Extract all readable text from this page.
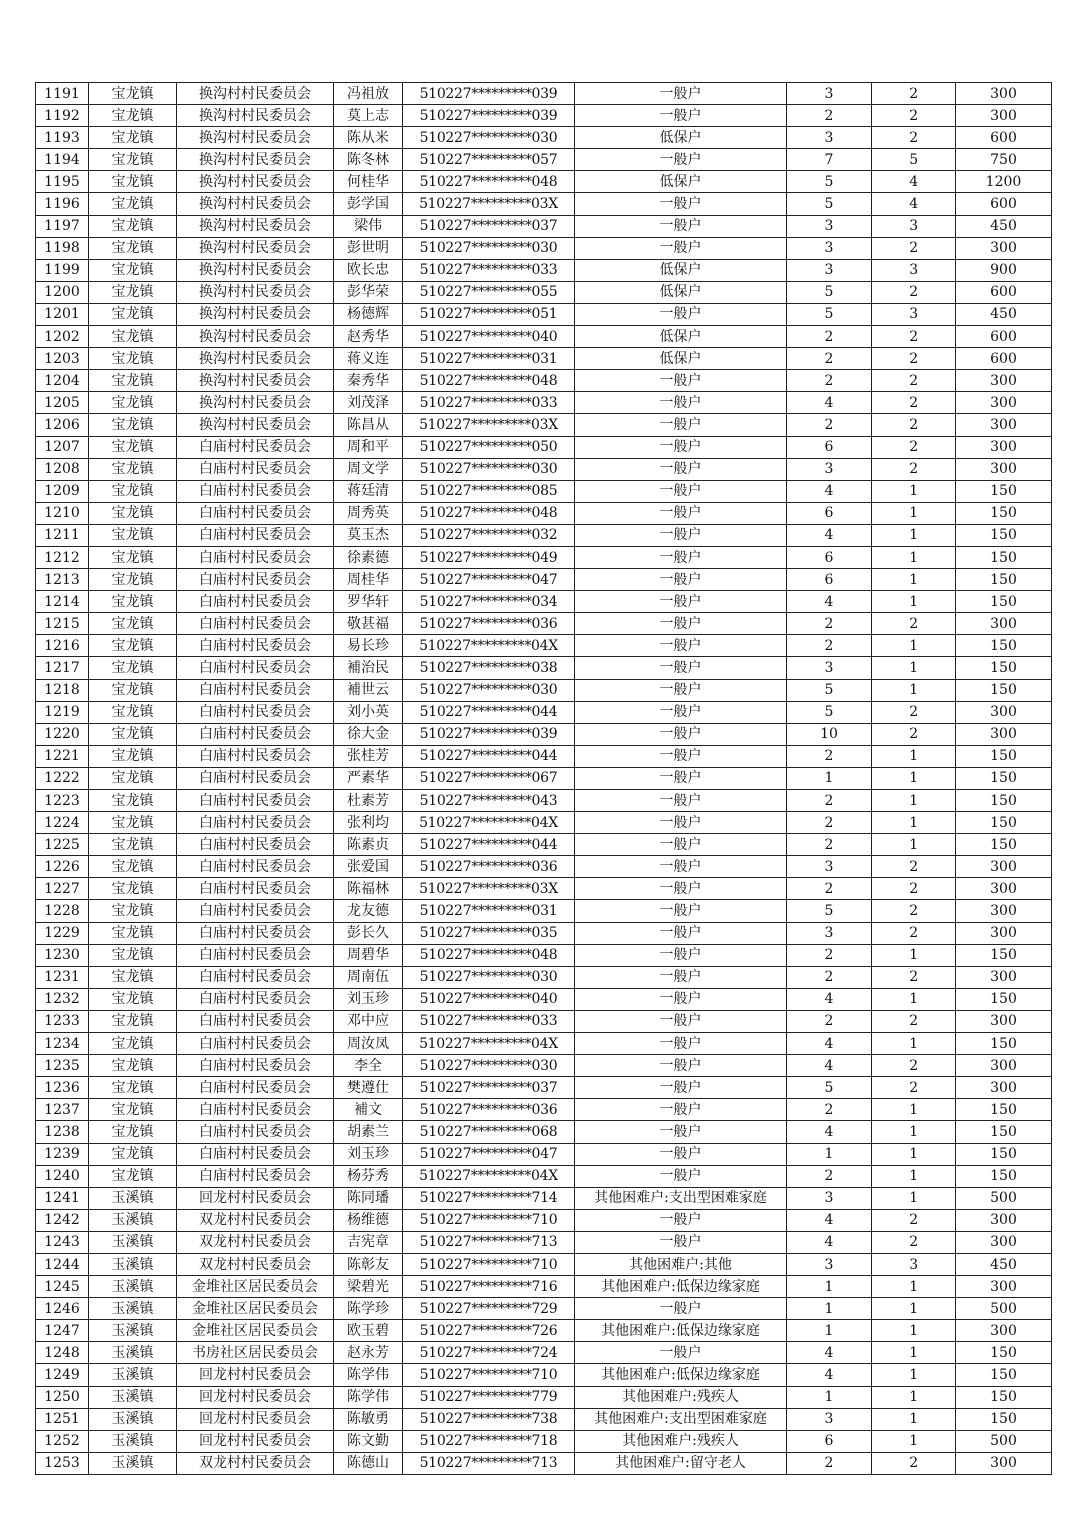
1191	宝龙镇	换沟村村民委员会	冯祖放	510227*********039	一般户	3	2	300
1192	宝龙镇	换沟村村民委员会	莫上志	510227*********039	一般户	2	2	300
1193	宝龙镇	换沟村村民委员会	陈从米	510227*********030	低保户	3	2	600
1194	宝龙镇	换沟村村民委员会	陈冬林	510227*********057	一般户	7	5	750
1195	宝龙镇	换沟村村民委员会	何桂华	510227*********048	低保户	5	4	1200
1196	宝龙镇	换沟村村民委员会	彭学国	510227*********03X	一般户	5	4	600
1197	宝龙镇	换沟村村民委员会	梁伟	510227*********037	一般户	3	3	450
1198	宝龙镇	换沟村村民委员会	彭世明	510227*********030	一般户	3	2	300
1199	宝龙镇	换沟村村民委员会	欧长忠	510227*********033	低保户	3	3	900
1200	宝龙镇	换沟村村民委员会	彭华荣	510227*********055	低保户	5	2	600
1201	宝龙镇	换沟村村民委员会	杨德辉	510227*********051	一般户	5	3	450
1202	宝龙镇	换沟村村民委员会	赵秀华	510227*********040	低保户	2	2	600
1203	宝龙镇	换沟村村民委员会	蒋义连	510227*********031	低保户	2	2	600
1204	宝龙镇	换沟村村民委员会	秦秀华	510227*********048	一般户	2	2	300
1205	宝龙镇	换沟村村民委员会	刘茂泽	510227*********033	一般户	4	2	300
1206	宝龙镇	换沟村村民委员会	陈昌从	510227*********03X	一般户	2	2	300
1207	宝龙镇	白庙村村民委员会	周和平	510227*********050	一般户	6	2	300
1208	宝龙镇	白庙村村民委员会	周文学	510227*********030	一般户	3	2	300
1209	宝龙镇	白庙村村民委员会	蒋廷清	510227*********085	一般户	4	1	150
1210	宝龙镇	白庙村村民委员会	周秀英	510227*********048	一般户	6	1	150
1211	宝龙镇	白庙村村民委员会	莫玉杰	510227*********032	一般户	4	1	150
1212	宝龙镇	白庙村村民委员会	徐素德	510227*********049	一般户	6	1	150
1213	宝龙镇	白庙村村民委员会	周桂华	510227*********047	一般户	6	1	150
1214	宝龙镇	白庙村村民委员会	罗华轩	510227*********034	一般户	4	1	150
1215	宝龙镇	白庙村村民委员会	敬甚福	510227*********036	一般户	2	2	300
1216	宝龙镇	白庙村村民委员会	易长珍	510227*********04X	一般户	2	1	150
1217	宝龙镇	白庙村村民委员会	補治民	510227*********038	一般户	3	1	150
1218	宝龙镇	白庙村村民委员会	補世云	510227*********030	一般户	5	1	150
1219	宝龙镇	白庙村村民委员会	刘小英	510227*********044	一般户	5	2	300
1220	宝龙镇	白庙村村民委员会	徐大金	510227*********039	一般户	10	2	300
1221	宝龙镇	白庙村村民委员会	张桂芳	510227*********044	一般户	2	1	150
1222	宝龙镇	白庙村村民委员会	严素华	510227*********067	一般户	1	1	150
1223	宝龙镇	白庙村村民委员会	杜素芳	510227*********043	一般户	2	1	150
1224	宝龙镇	白庙村村民委员会	张利均	510227*********04X	一般户	2	1	150
1225	宝龙镇	白庙村村民委员会	陈素贞	510227*********044	一般户	2	1	150
1226	宝龙镇	白庙村村民委员会	张爱国	510227*********036	一般户	3	2	300
1227	宝龙镇	白庙村村民委员会	陈福林	510227*********03X	一般户	2	2	300
1228	宝龙镇	白庙村村民委员会	龙友德	510227*********031	一般户	5	2	300
1229	宝龙镇	白庙村村民委员会	彭长久	510227*********035	一般户	3	2	300
1230	宝龙镇	白庙村村民委员会	周碧华	510227*********048	一般户	2	1	150
1231	宝龙镇	白庙村村民委员会	周南伍	510227*********030	一般户	2	2	300
1232	宝龙镇	白庙村村民委员会	刘玉珍	510227*********040	一般户	4	1	150
1233	宝龙镇	白庙村村民委员会	邓中应	510227*********033	一般户	2	2	300
1234	宝龙镇	白庙村村民委员会	周汝凤	510227*********04X	一般户	4	1	150
1235	宝龙镇	白庙村村民委员会	李全	510227*********030	一般户	4	2	300
1236	宝龙镇	白庙村村民委员会	樊遵仕	510227*********037	一般户	5	2	300
1237	宝龙镇	白庙村村民委员会	補文	510227*********036	一般户	2	1	150
1238	宝龙镇	白庙村村民委员会	胡素兰	510227*********068	一般户	4	1	150
1239	宝龙镇	白庙村村民委员会	刘玉珍	510227*********047	一般户	1	1	150
1240	宝龙镇	白庙村村民委员会	杨芬秀	510227*********04X	一般户	2	1	150
1241	玉溪镇	回龙村村民委员会	陈同璠	510227*********714	其他困难户:支出型困难家庭	3	1	500
1242	玉溪镇	双龙村村民委员会	杨维德	510227*********710	一般户	4	2	300
1243	玉溪镇	双龙村村民委员会	吉宪章	510227*********713	一般户	4	2	300
1244	玉溪镇	双龙村村民委员会	陈彰友	510227*********710	其他困难户:其他	3	3	450
1245	玉溪镇	金堆社区居民委员会	梁碧光	510227*********716	其他困难户:低保边缘家庭	1	1	300
1246	玉溪镇	金堆社区居民委员会	陈学珍	510227*********729	一般户	1	1	500
1247	玉溪镇	金堆社区居民委员会	欧玉碧	510227*********726	其他困难户:低保边缘家庭	1	1	300
1248	玉溪镇	书房社区居民委员会	赵永芳	510227*********724	一般户	4	1	150
1249	玉溪镇	回龙村村民委员会	陈学伟	510227*********710	其他困难户:低保边缘家庭	4	1	150
1250	玉溪镇	回龙村村民委员会	陈学伟	510227*********779	其他困难户:残疾人	1	1	150
1251	玉溪镇	回龙村村民委员会	陈敏勇	510227*********738	其他困难户:支出型困难家庭	3	1	150
1252	玉溪镇	回龙村村民委员会	陈文勤	510227*********718	其他困难户:残疾人	6	1	500
1253	玉溪镇	双龙村村民委员会	陈德山	510227*********713	其他困难户:留守老人	2	2	300
